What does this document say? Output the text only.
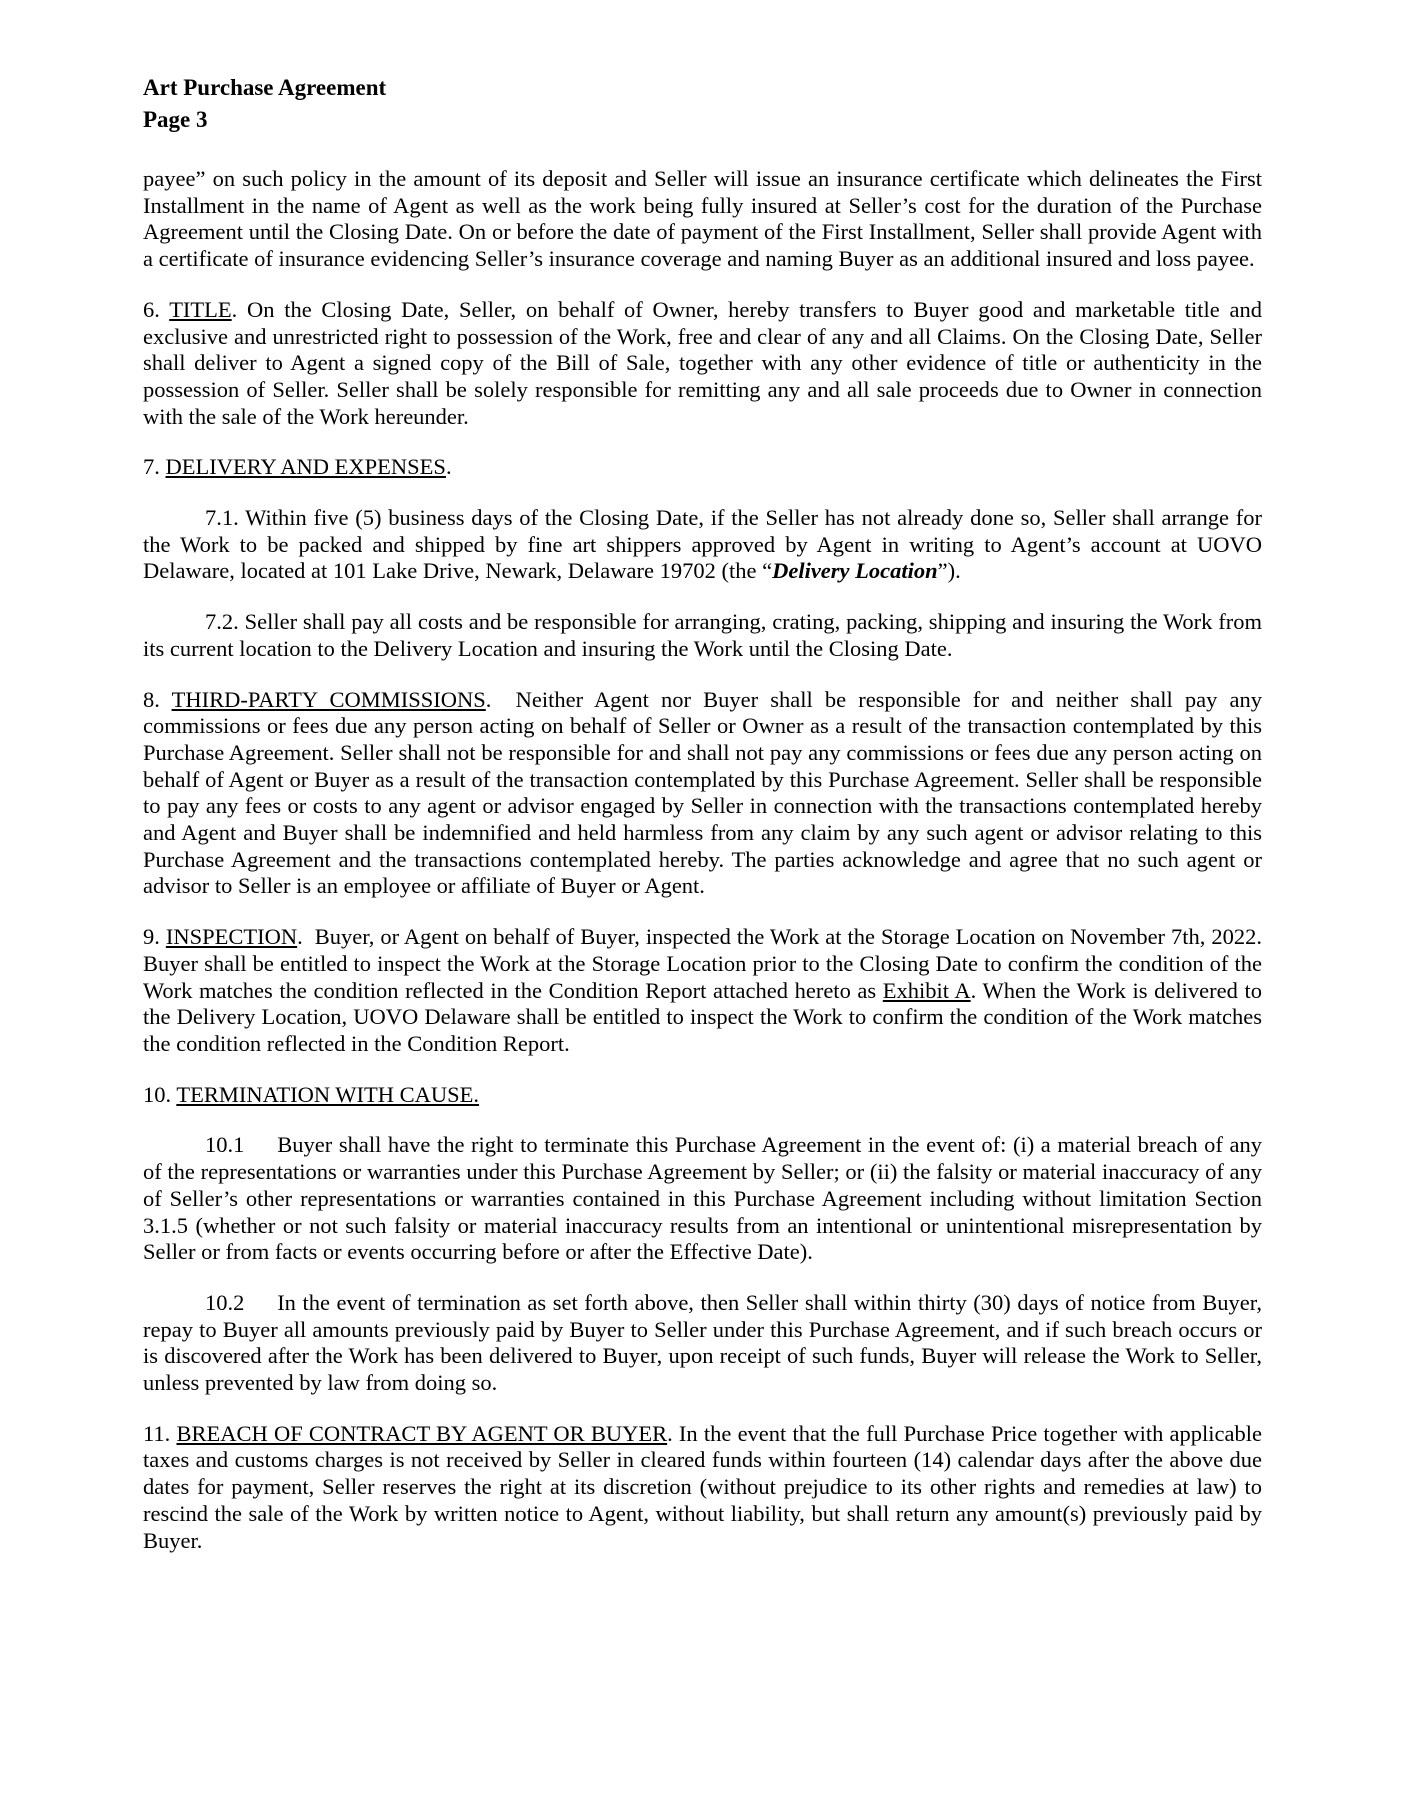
Art Purchase Agreement
Page 3

payee” on such policy in the amount of its deposit and Seller will issue an insurance certificate which delineates the First Installment in the name of Agent as well as the work being fully insured at Seller’s cost for the duration of the Purchase Agreement until the Closing Date. On or before the date of payment of the First Installment, Seller shall provide Agent with a certificate of insurance evidencing Seller’s insurance coverage and naming Buyer as an additional insured and loss payee.

6. TITLE. On the Closing Date, Seller, on behalf of Owner, hereby transfers to Buyer good and marketable title and exclusive and unrestricted right to possession of the Work, free and clear of any and all Claims. On the Closing Date, Seller shall deliver to Agent a signed copy of the Bill of Sale, together with any other evidence of title or authenticity in the possession of Seller. Seller shall be solely responsible for remitting any and all sale proceeds due to Owner in connection with the sale of the Work hereunder.

7. DELIVERY AND EXPENSES.

7.1. Within five (5) business days of the Closing Date, if the Seller has not already done so, Seller shall arrange for the Work to be packed and shipped by fine art shippers approved by Agent in writing to Agent’s account at UOVO Delaware, located at 101 Lake Drive, Newark, Delaware 19702 (the “Delivery Location”).

7.2. Seller shall pay all costs and be responsible for arranging, crating, packing, shipping and insuring the Work from its current location to the Delivery Location and insuring the Work until the Closing Date.

8. THIRD-PARTY COMMISSIONS.  Neither Agent nor Buyer shall be responsible for and neither shall pay any commissions or fees due any person acting on behalf of Seller or Owner as a result of the transaction contemplated by this Purchase Agreement. Seller shall not be responsible for and shall not pay any commissions or fees due any person acting on behalf of Agent or Buyer as a result of the transaction contemplated by this Purchase Agreement. Seller shall be responsible to pay any fees or costs to any agent or advisor engaged by Seller in connection with the transactions contemplated hereby and Agent and Buyer shall be indemnified and held harmless from any claim by any such agent or advisor relating to this Purchase Agreement and the transactions contemplated hereby. The parties acknowledge and agree that no such agent or advisor to Seller is an employee or affiliate of Buyer or Agent.

9. INSPECTION.  Buyer, or Agent on behalf of Buyer, inspected the Work at the Storage Location on November 7th, 2022. Buyer shall be entitled to inspect the Work at the Storage Location prior to the Closing Date to confirm the condition of the Work matches the condition reflected in the Condition Report attached hereto as Exhibit A. When the Work is delivered to the Delivery Location, UOVO Delaware shall be entitled to inspect the Work to confirm the condition of the Work matches the condition reflected in the Condition Report.

10. TERMINATION WITH CAUSE.

10.1     Buyer shall have the right to terminate this Purchase Agreement in the event of: (i) a material breach of any of the representations or warranties under this Purchase Agreement by Seller; or (ii) the falsity or material inaccuracy of any of Seller’s other representations or warranties contained in this Purchase Agreement including without limitation Section 3.1.5 (whether or not such falsity or material inaccuracy results from an intentional or unintentional misrepresentation by Seller or from facts or events occurring before or after the Effective Date).

10.2     In the event of termination as set forth above, then Seller shall within thirty (30) days of notice from Buyer, repay to Buyer all amounts previously paid by Buyer to Seller under this Purchase Agreement, and if such breach occurs or is discovered after the Work has been delivered to Buyer, upon receipt of such funds, Buyer will release the Work to Seller, unless prevented by law from doing so.

11. BREACH OF CONTRACT BY AGENT OR BUYER. In the event that the full Purchase Price together with applicable taxes and customs charges is not received by Seller in cleared funds within fourteen (14) calendar days after the above due dates for payment, Seller reserves the right at its discretion (without prejudice to its other rights and remedies at law) to rescind the sale of the Work by written notice to Agent, without liability, but shall return any amount(s) previously paid by Buyer.
